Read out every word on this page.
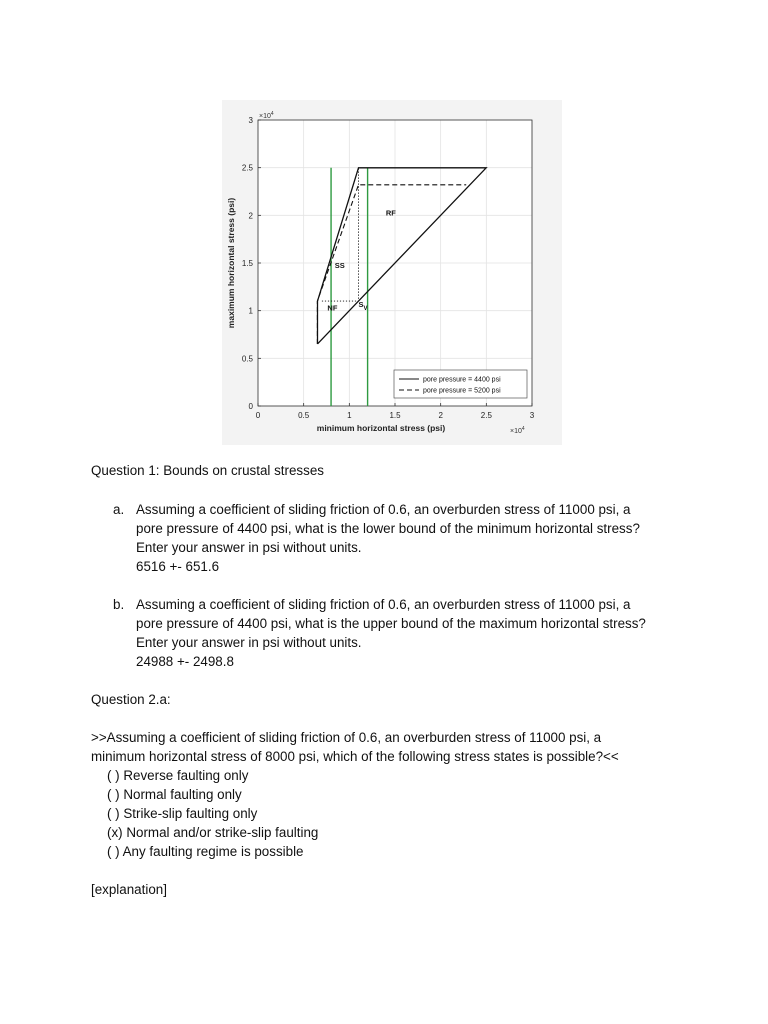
0	0.5	1	1.5	2	2.5	3
0
0.5
1
1.5
2
2.5
$3 \times 10^4$
$\times 10^4$
minimum horizontal stress (psi)
maximum horizontal stress (psi)	RF
SS
NF	$S_V$
pore pressure = 4400 psi
pore pressure = 5200 psi
Question 1: Bounds on crustal stresses
a. Assuming a coefficient of sliding friction of 0.6, an overburden stress of 11000 psi, a
pore pressure of 4400 psi, what is the lower bound of the minimum horizontal stress?
Enter your answer in psi without units.
6516 +- 651.6
b. Assuming a coefficient of sliding friction of 0.6, an overburden stress of 11000 psi, a
pore pressure of 4400 psi, what is the upper bound of the maximum horizontal stress?
Enter your answer in psi without units.
24988 +- 2498.8
Question 2.a:
>>Assuming a coefficient of sliding friction of 0.6, an overburden stress of 11000 psi, a
minimum horizontal stress of 8000 psi, which of the following stress states is possible?<<
( ) Reverse faulting only
( ) Normal faulting only
( ) Strike-slip faulting only
(x) Normal and/or strike-slip faulting
( ) Any faulting regime is possible
[explanation]
